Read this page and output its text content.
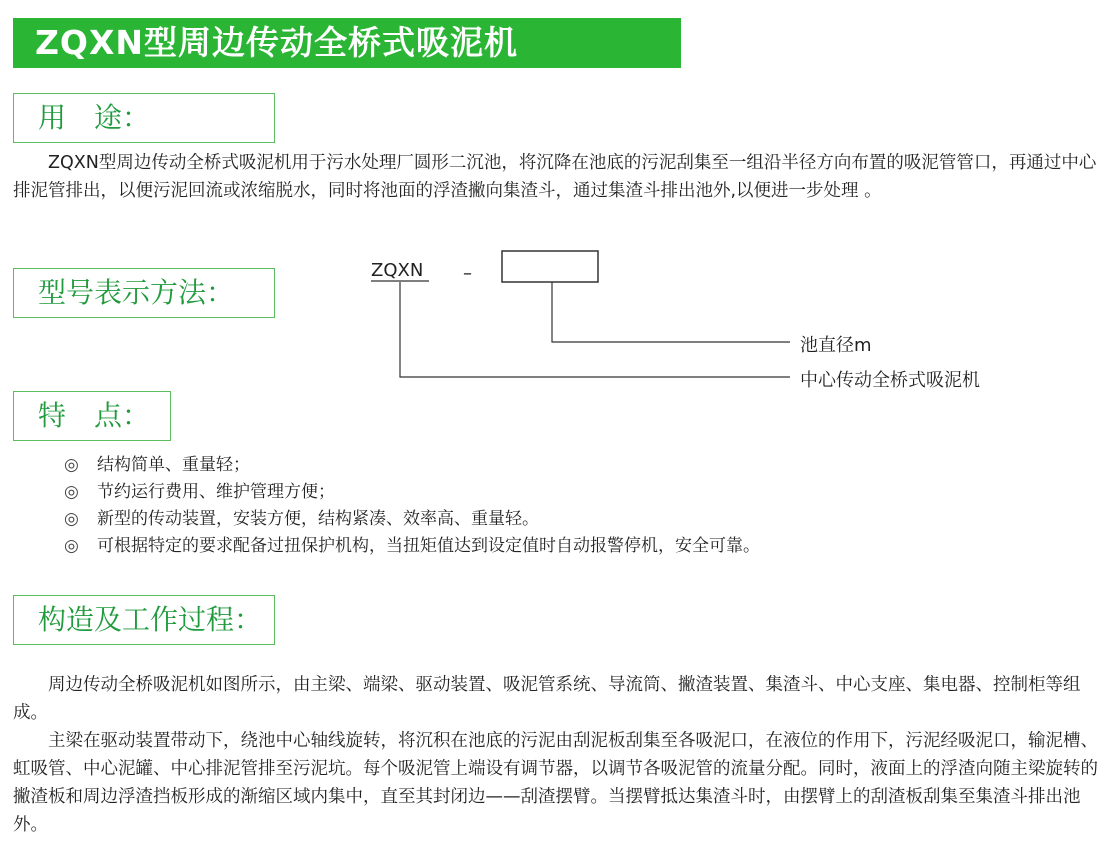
ZQXN型周边传动全桥式吸泥机
用　途：

ZQXN型周边传动全桥式吸泥机用于污水处理厂圆形二沉池，将沉降在池底的污泥刮集至一组沿半径方向布置的吸泥管管口，再通过中心排泥管排出，以便污泥回流或浓缩脱水，同时将池面的浮渣撇向集渣斗，通过集渣斗排出池外,以便进一步处理 。

型号表示方法：
ZQXN –
池直径m
中心传动全桥式吸泥机
特　点：
◎	结构简单、重量轻；
◎	节约运行费用、维护管理方便；
◎	新型的传动装置，安装方便，结构紧凑、效率高、重量轻。
◎	可根据特定的要求配备过扭保护机构，当扭矩值达到设定值时自动报警停机，安全可靠。
构造及工作过程：

周边传动全桥吸泥机如图所示，由主梁、端梁、驱动装置、吸泥管系统、导流筒、撇渣装置、集渣斗、中心支座、集电器、控制柜等组成。

主梁在驱动装置带动下，绕池中心轴线旋转，将沉积在池底的污泥由刮泥板刮集至各吸泥口，在液位的作用下，污泥经吸泥口，输泥槽、虹吸管、中心泥罐、中心排泥管排至污泥坑。每个吸泥管上端设有调节器，以调节各吸泥管的流量分配。同时，液面上的浮渣向随主梁旋转的撇渣板和周边浮渣挡板形成的渐缩区域内集中，直至其封闭边——刮渣摆臂。当摆臂抵达集渣斗时，由摆臂上的刮渣板刮集至集渣斗排出池外。
